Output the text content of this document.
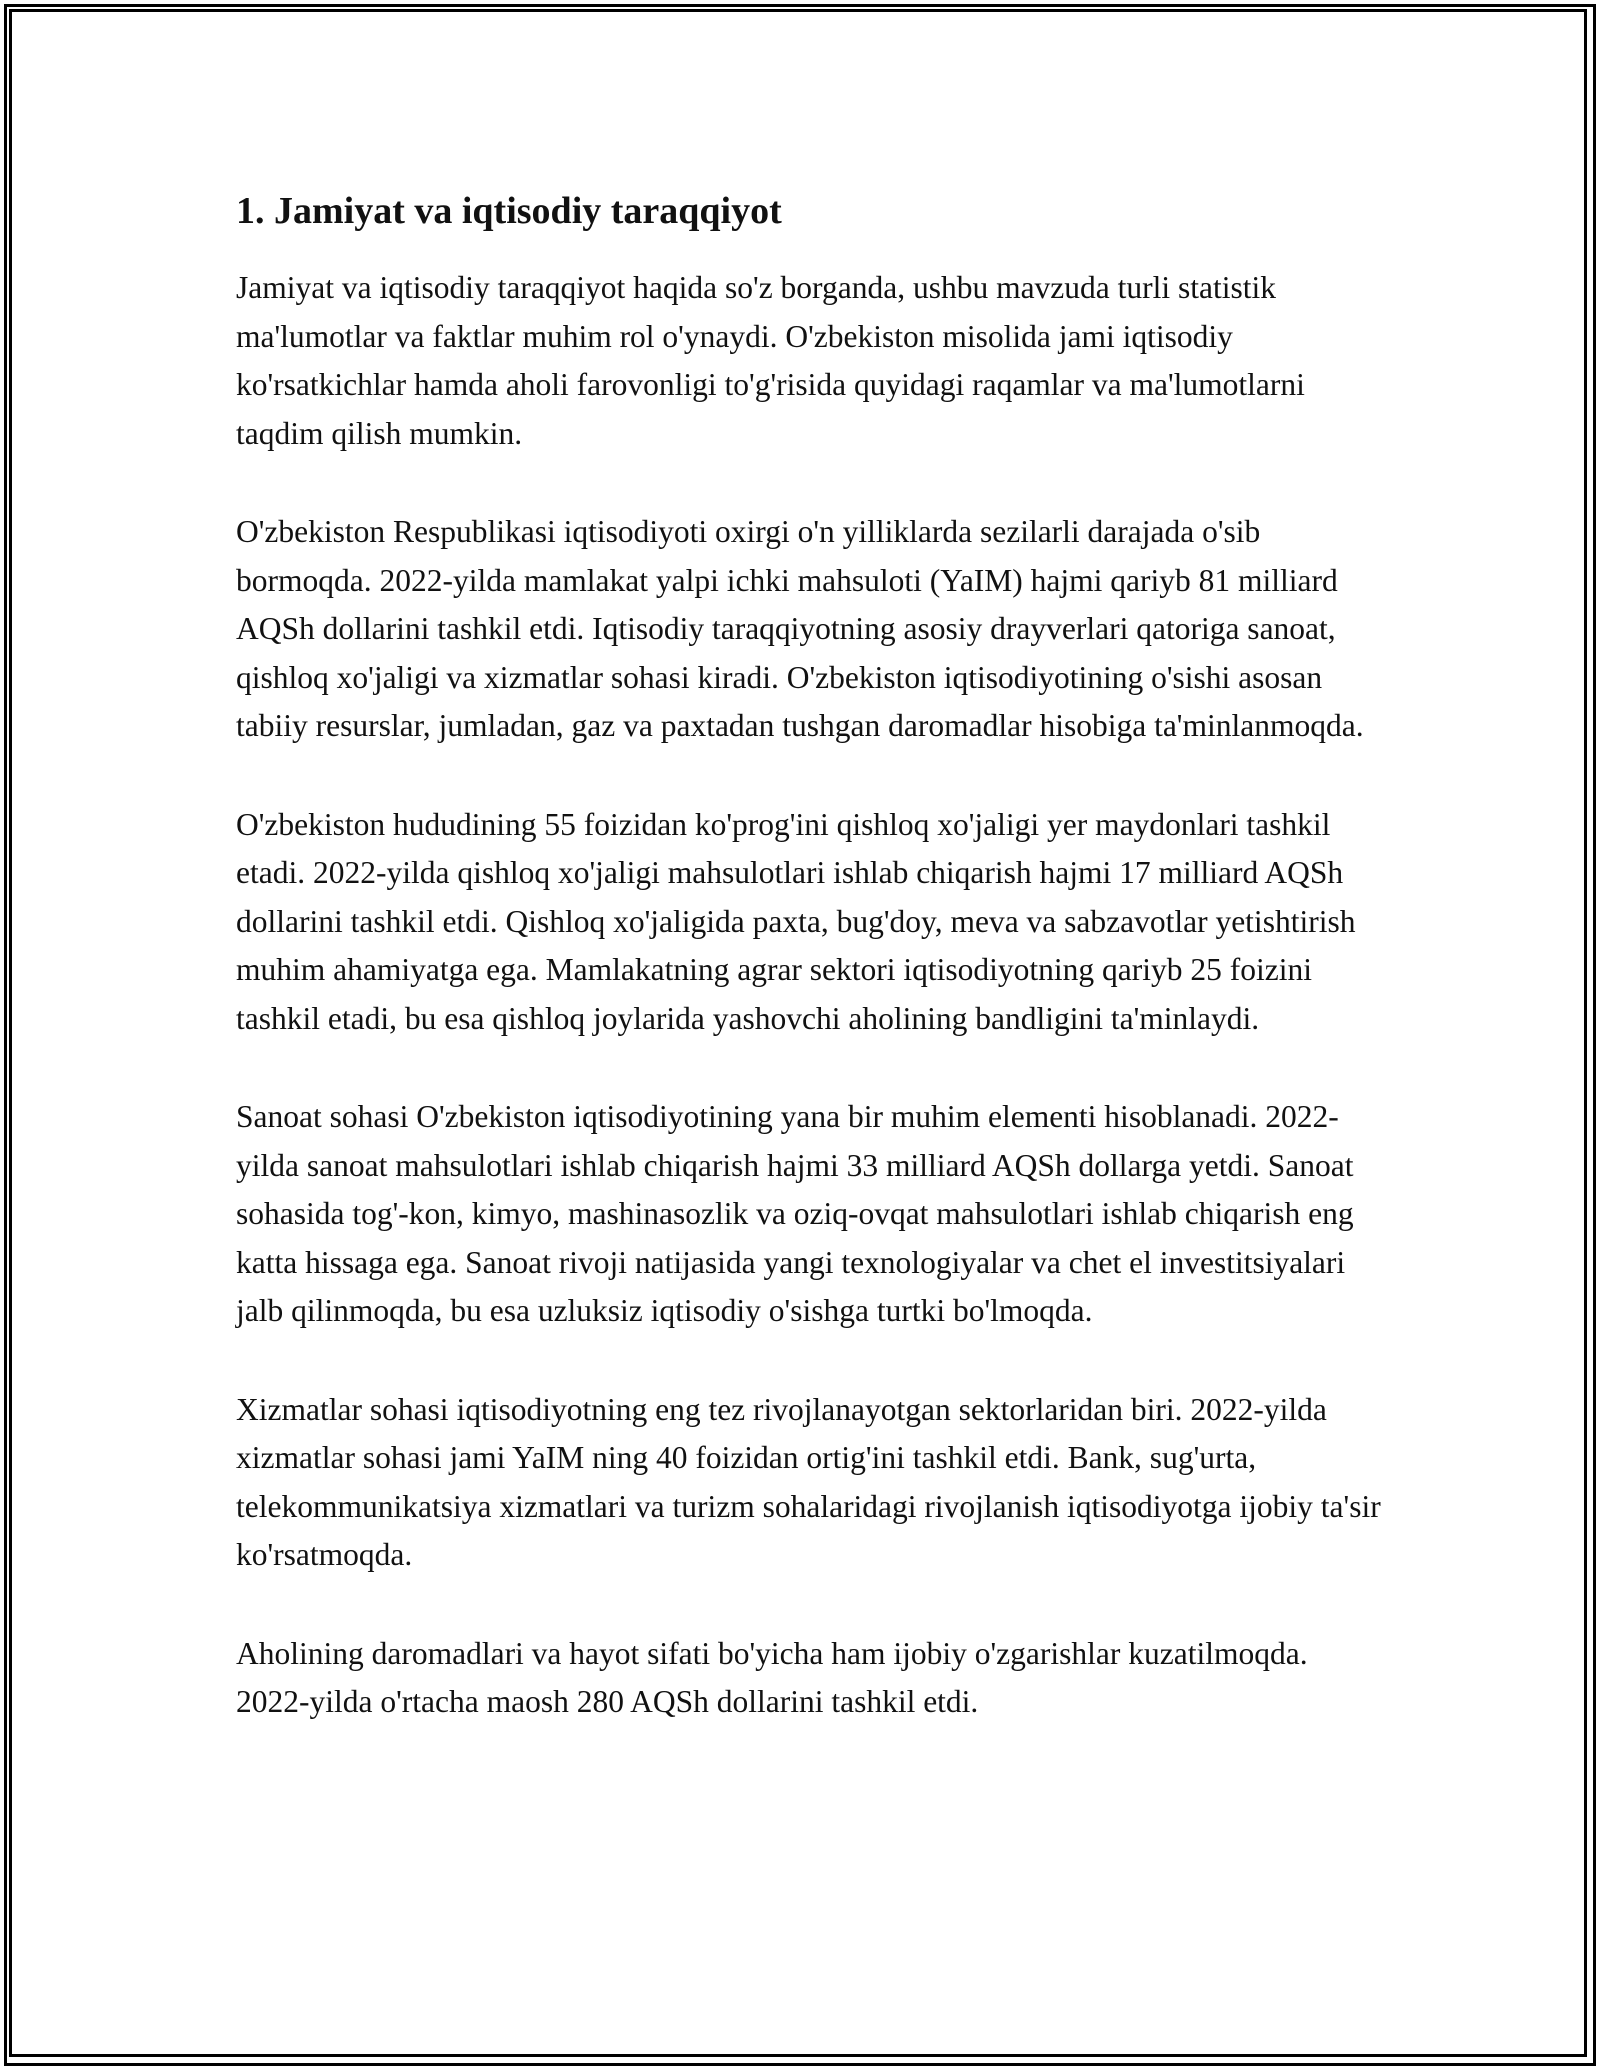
1. Jamiyat va iqtisodiy taraqqiyot

Jamiyat va iqtisodiy taraqqiyot haqida so'z borganda, ushbu mavzuda turli statistik ma'lumotlar va faktlar muhim rol o'ynaydi. O'zbekiston misolida jami iqtisodiy ko'rsatkichlar hamda aholi farovonligi to'g'risida quyidagi raqamlar va ma'lumotlarni taqdim qilish mumkin.

O'zbekiston Respublikasi iqtisodiyoti oxirgi o'n yilliklarda sezilarli darajada o'sib bormoqda. 2022-yilda mamlakat yalpi ichki mahsuloti (YaIM) hajmi qariyb 81 milliard AQSh dollarini tashkil etdi. Iqtisodiy taraqqiyotning asosiy drayverlari qatoriga sanoat, qishloq xo'jaligi va xizmatlar sohasi kiradi. O'zbekiston iqtisodiyotining o'sishi asosan tabiiy resurslar, jumladan, gaz va paxtadan tushgan daromadlar hisobiga ta'minlanmoqda.

O'zbekiston hududining 55 foizidan ko'prog'ini qishloq xo'jaligi yer maydonlari tashkil etadi. 2022-yilda qishloq xo'jaligi mahsulotlari ishlab chiqarish hajmi 17 milliard AQSh dollarini tashkil etdi. Qishloq xo'jaligida paxta, bug'doy, meva va sabzavotlar yetishtirish muhim ahamiyatga ega. Mamlakatning agrar sektori iqtisodiyotning qariyb 25 foizini tashkil etadi, bu esa qishloq joylarida yashovchi aholining bandligini ta'minlaydi.

Sanoat sohasi O'zbekiston iqtisodiyotining yana bir muhim elementi hisoblanadi. 2022-yilda sanoat mahsulotlari ishlab chiqarish hajmi 33 milliard AQSh dollarga yetdi. Sanoat sohasida tog'-kon, kimyo, mashinasozlik va oziq-ovqat mahsulotlari ishlab chiqarish eng katta hissaga ega. Sanoat rivoji natijasida yangi texnologiyalar va chet el investitsiyalari jalb qilinmoqda, bu esa uzluksiz iqtisodiy o'sishga turtki bo'lmoqda.

Xizmatlar sohasi iqtisodiyotning eng tez rivojlanayotgan sektorlaridan biri. 2022-yilda xizmatlar sohasi jami YaIM ning 40 foizidan ortig'ini tashkil etdi. Bank, sug'urta, telekommunikatsiya xizmatlari va turizm sohalaridagi rivojlanish iqtisodiyotga ijobiy ta'sir ko'rsatmoqda.

Aholining daromadlari va hayot sifati bo'yicha ham ijobiy o'zgarishlar kuzatilmoqda. 2022-yilda o'rtacha maosh 280 AQSh dollarini tashkil etdi.
